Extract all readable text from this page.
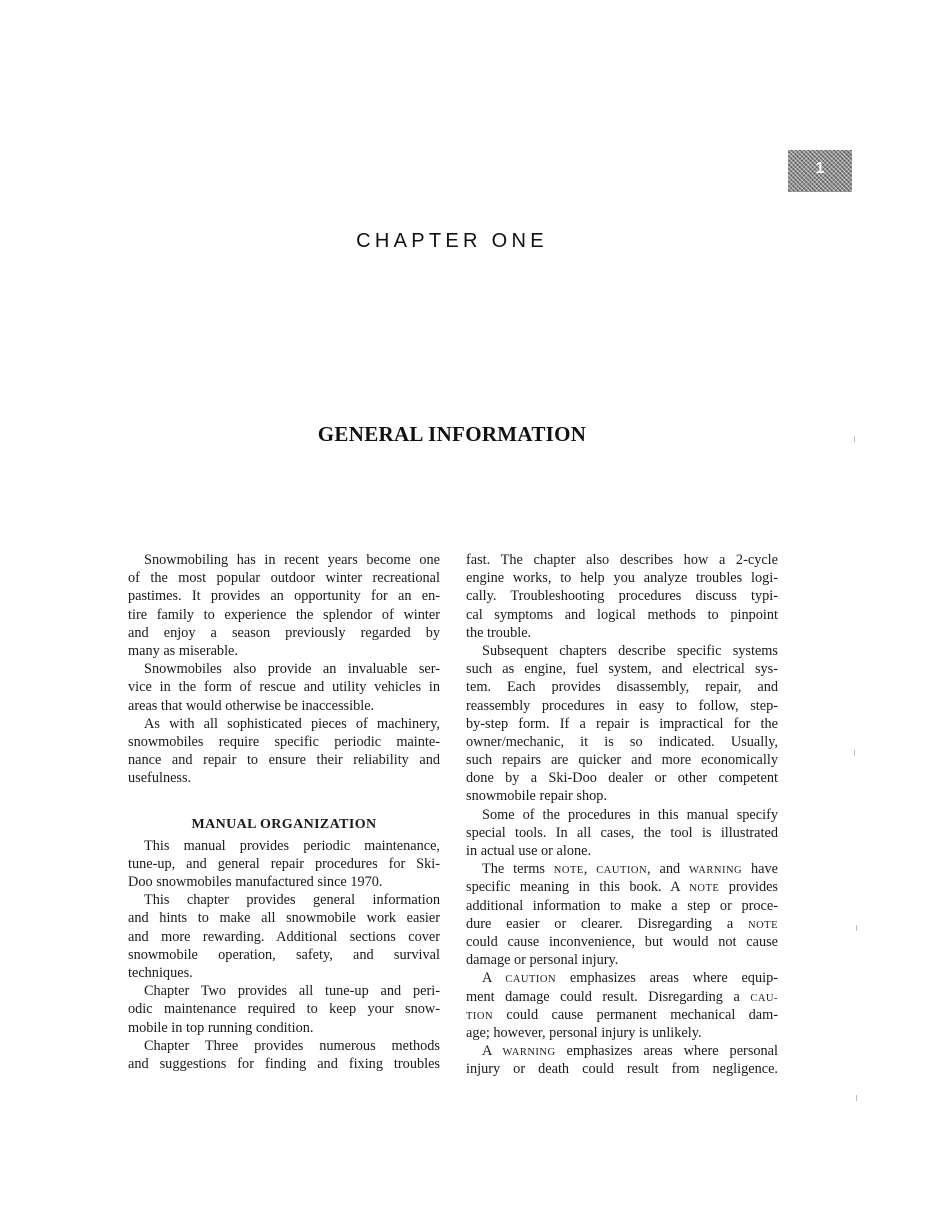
1
CHAPTER ONE
GENERAL INFORMATION
Snowmobiling has in recent years become one
of the most popular outdoor winter recreational
pastimes. It provides an opportunity for an en-
tire family to experience the splendor of winter
and enjoy a season previously regarded by
many as miserable.
Snowmobiles also provide an invaluable ser-
vice in the form of rescue and utility vehicles in
areas that would otherwise be inaccessible.
As with all sophisticated pieces of machinery,
snowmobiles require specific periodic mainte-
nance and repair to ensure their reliability and
usefulness.
MANUAL ORGANIZATION
This manual provides periodic maintenance,
tune-up, and general repair procedures for Ski-
Doo snowmobiles manufactured since 1970.
This chapter provides general information
and hints to make all snowmobile work easier
and more rewarding. Additional sections cover
snowmobile operation, safety, and survival
techniques.
Chapter Two provides all tune-up and peri-
odic maintenance required to keep your snow-
mobile in top running condition.
Chapter Three provides numerous methods
and suggestions for finding and fixing troubles
fast. The chapter also describes how a 2-cycle
engine works, to help you analyze troubles logi-
cally. Troubleshooting procedures discuss typi-
cal symptoms and logical methods to pinpoint
the trouble.
Subsequent chapters describe specific systems
such as engine, fuel system, and electrical sys-
tem. Each provides disassembly, repair, and
reassembly procedures in easy to follow, step-
by-step form. If a repair is impractical for the
owner/mechanic, it is so indicated. Usually,
such repairs are quicker and more economically
done by a Ski-Doo dealer or other competent
snowmobile repair shop.
Some of the procedures in this manual specify
special tools. In all cases, the tool is illustrated
in actual use or alone.
The terms NOTE, CAUTION, and WARNING have
specific meaning in this book. A NOTE provides
additional information to make a step or proce-
dure easier or clearer. Disregarding a NOTE
could cause inconvenience, but would not cause
damage or personal injury.
A CAUTION emphasizes areas where equip-
ment damage could result. Disregarding a CAU-
TION could cause permanent mechanical dam-
age; however, personal injury is unlikely.
A WARNING emphasizes areas where personal
injury or death could result from negligence.
